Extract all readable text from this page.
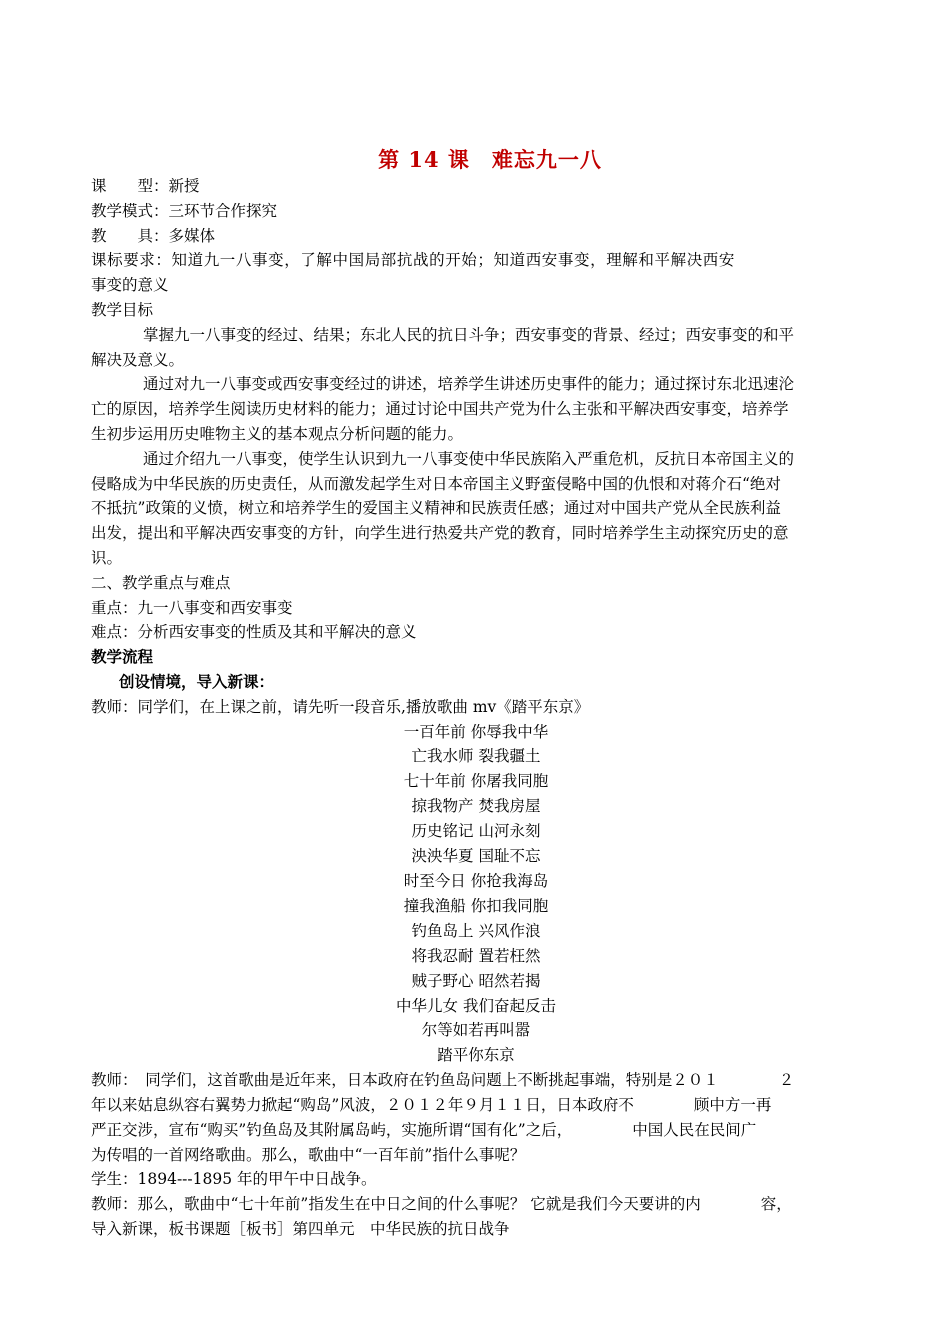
第 14 课　难忘九一八

课　　型：新授

教学模式：三环节合作探究

教　　具：多媒体

课标要求：知道九一八事变，了解中国局部抗战的开始；知道西安事变，理解和平解决西安

事变的意义

教学目标

掌握九一八事变的经过、结果；东北人民的抗日斗争；西安事变的背景、经过；西安事变的和平

解决及意义。

通过对九一八事变或西安事变经过的讲述，培养学生讲述历史事件的能力；通过探讨东北迅速沦

亡的原因，培养学生阅读历史材料的能力；通过讨论中国共产党为什么主张和平解决西安事变，培养学

生初步运用历史唯物主义的基本观点分析问题的能力。

通过介绍九一八事变，使学生认识到九一八事变使中华民族陷入严重危机，反抗日本帝国主义的

侵略成为中华民族的历史责任，从而激发起学生对日本帝国主义野蛮侵略中国的仇恨和对蒋介石“绝对

不抵抗”政策的义愤，树立和培养学生的爱国主义精神和民族责任感；通过对中国共产党从全民族利益

出发，提出和平解决西安事变的方针，向学生进行热爱共产党的教育，同时培养学生主动探究历史的意

识。

二、教学重点与难点

重点：九一八事变和西安事变

难点：分析西安事变的性质及其和平解决的意义

教学流程

创设情境，导入新课：

教师：同学们，在上课之前，请先听一段音乐,播放歌曲 mv《踏平东京》

一百年前 你辱我中华

亡我水师 裂我疆土

七十年前 你屠我同胞

掠我物产 焚我房屋

历史铭记 山河永刻

泱泱华夏 国耻不忘

时至今日 你抢我海岛

撞我渔船 你扣我同胞

钓鱼岛上 兴风作浪

将我忍耐 置若枉然

贼子野心 昭然若揭

中华儿女 我们奋起反击

尔等如若再叫嚣

踏平你东京

教师：　同学们，这首歌曲是近年来，日本政府在钓鱼岛问题上不断挑起事端，特别是２０１	２

年以来姑息纵容右翼势力掀起“购岛”风波，２０１２年９月１１日，日本政府不	顾中方一再

严正交涉，宣布“购买”钓鱼岛及其附属岛屿，实施所谓“国有化”之后，	中国人民在民间广

为传唱的一首网络歌曲。那么，歌曲中“一百年前”指什么事呢？

学生：1894---1895 年的甲午中日战争。

教师：那么，歌曲中“七十年前”指发生在中日之间的什么事呢？ 它就是我们今天要讲的内	容，

导入新课，板书课题［板书］第四单元　中华民族的抗日战争
